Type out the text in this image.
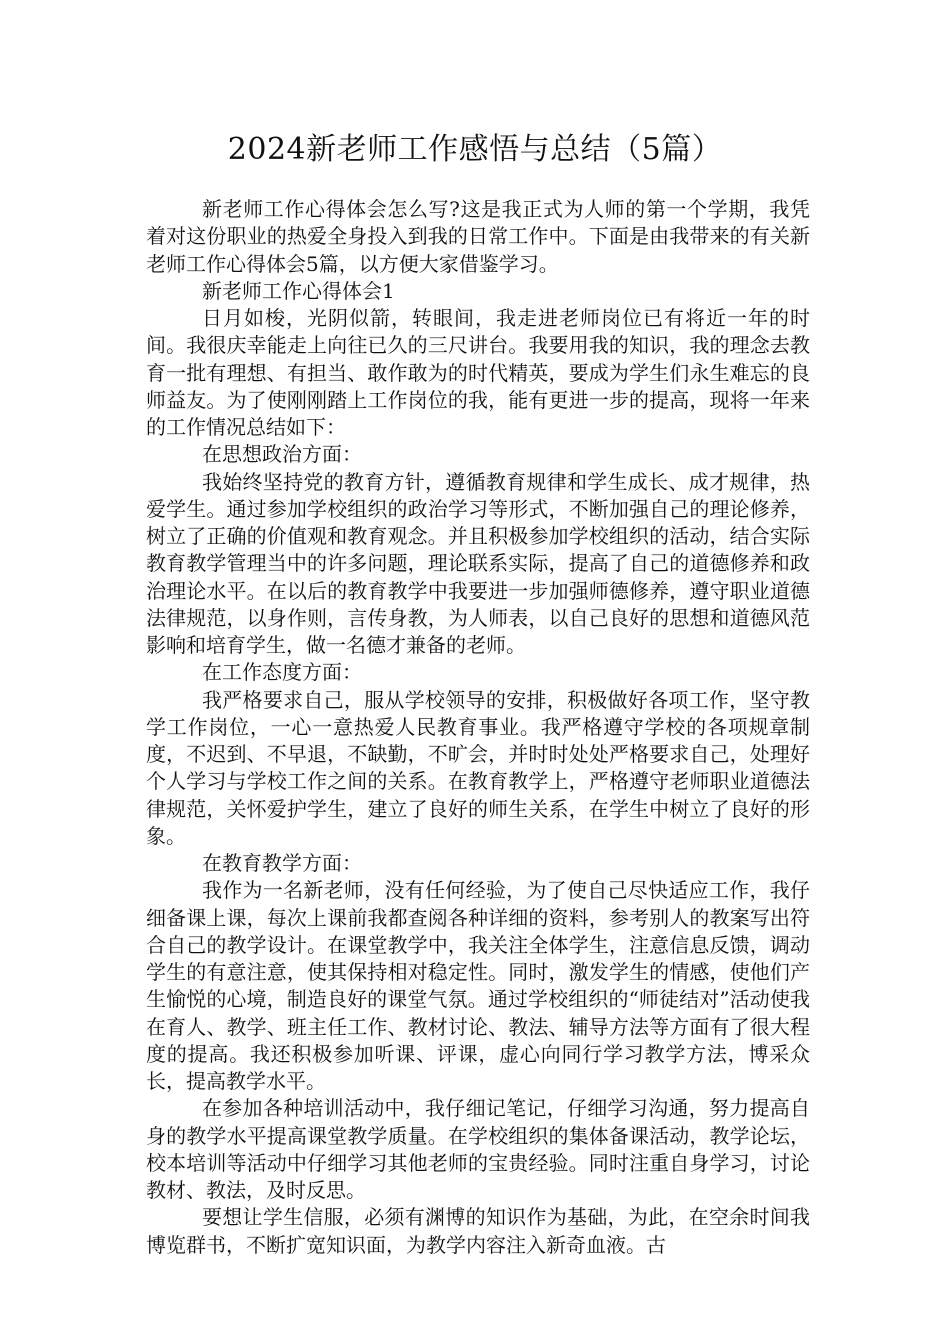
2024新老师工作感悟与总结（5篇）

新老师工作心得体会怎么写?这是我正式为人师的第一个学期，我凭着对这份职业的热爱全身投入到我的日常工作中。下面是由我带来的有关新老师工作心得体会5篇，以方便大家借鉴学习。

新老师工作心得体会1

日月如梭，光阴似箭，转眼间，我走进老师岗位已有将近一年的时间。我很庆幸能走上向往已久的三尺讲台。我要用我的知识，我的理念去教育一批有理想、有担当、敢作敢为的时代精英，要成为学生们永生难忘的良师益友。为了使刚刚踏上工作岗位的我，能有更进一步的提高，现将一年来的工作情况总结如下：

在思想政治方面：

我始终坚持党的教育方针，遵循教育规律和学生成长、成才规律，热爱学生。通过参加学校组织的政治学习等形式，不断加强自己的理论修养，树立了正确的价值观和教育观念。并且积极参加学校组织的活动，结合实际教育教学管理当中的许多问题，理论联系实际，提高了自己的道德修养和政治理论水平。在以后的教育教学中我要进一步加强师德修养，遵守职业道德法律规范，以身作则，言传身教，为人师表，以自己良好的思想和道德风范影响和培育学生，做一名德才兼备的老师。

在工作态度方面：

我严格要求自己，服从学校领导的安排，积极做好各项工作，坚守教学工作岗位，一心一意热爱人民教育事业。我严格遵守学校的各项规章制度，不迟到、不早退，不缺勤，不旷会，并时时处处严格要求自己，处理好个人学习与学校工作之间的关系。在教育教学上，严格遵守老师职业道德法律规范，关怀爱护学生，建立了良好的师生关系，在学生中树立了良好的形象。

在教育教学方面：

我作为一名新老师，没有任何经验，为了使自己尽快适应工作，我仔细备课上课，每次上课前我都查阅各种详细的资料，参考别人的教案写出符合自己的教学设计。在课堂教学中，我关注全体学生，注意信息反馈，调动学生的有意注意，使其保持相对稳定性。同时，激发学生的情感，使他们产生愉悦的心境，制造良好的课堂气氛。通过学校组织的“师徒结对”活动使我在育人、教学、班主任工作、教材讨论、教法、辅导方法等方面有了很大程度的提高。我还积极参加听课、评课，虚心向同行学习教学方法，博采众长，提高教学水平。

在参加各种培训活动中，我仔细记笔记，仔细学习沟通，努力提高自身的教学水平提高课堂教学质量。在学校组织的集体备课活动，教学论坛，校本培训等活动中仔细学习其他老师的宝贵经验。同时注重自身学习，讨论教材、教法，及时反思。

要想让学生信服，必须有渊博的知识作为基础，为此，在空余时间我博览群书，不断扩宽知识面，为教学内容注入新奇血液。古
